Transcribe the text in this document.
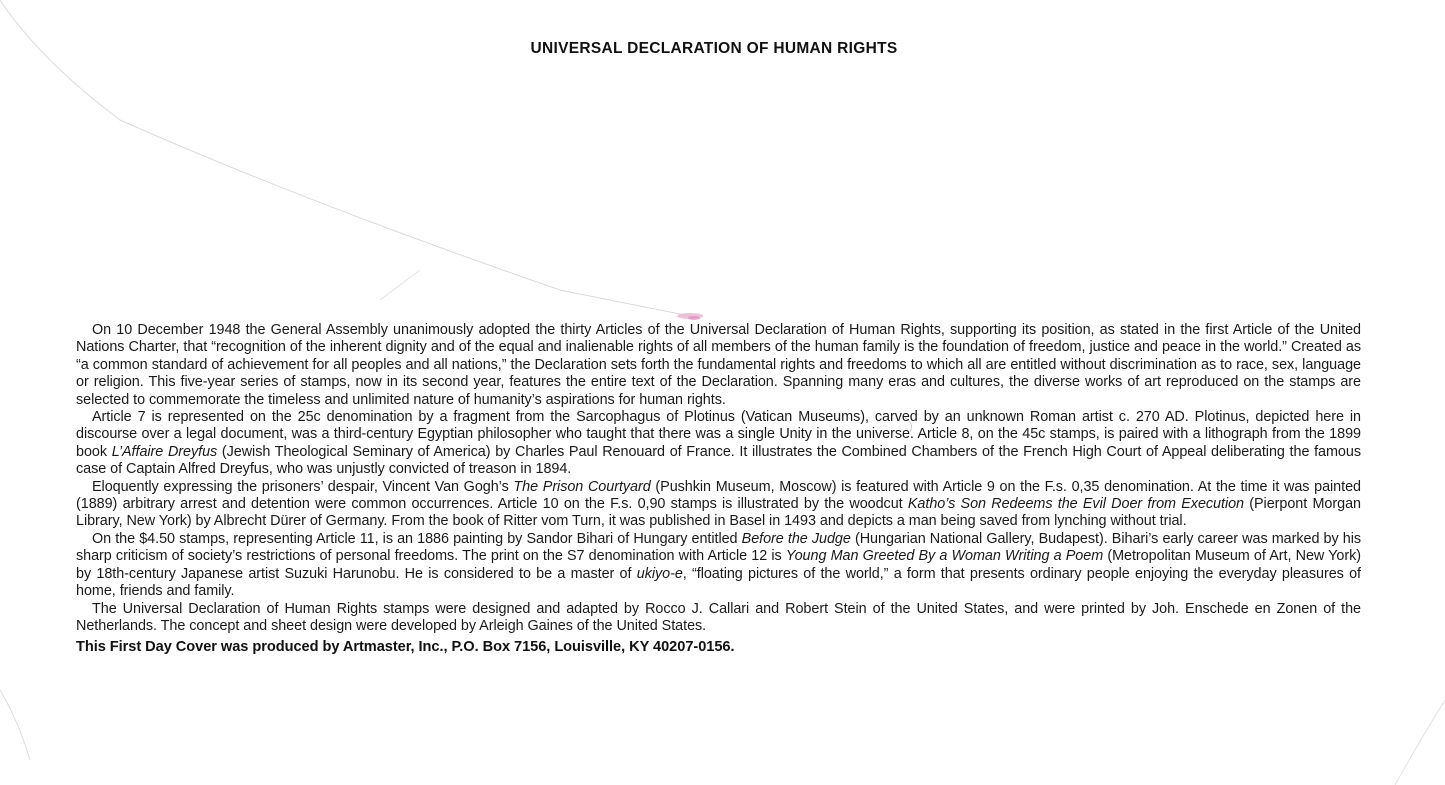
UNIVERSAL DECLARATION OF HUMAN RIGHTS

On 10 December 1948 the General Assembly unanimously adopted the thirty Articles of the Universal Declaration of Human Rights, supporting its position, as stated in the first Article of the United Nations Charter, that “recognition of the inherent dignity and of the equal and inalienable rights of all members of the human family is the foundation of freedom, justice and peace in the world.” Created as “a common standard of achievement for all peoples and all nations,” the Declaration sets forth the fundamental rights and freedoms to which all are entitled without discrimination as to race, sex, language or religion. This five-year series of stamps, now in its second year, features the entire text of the Declaration. Spanning many eras and cultures, the diverse works of art reproduced on the stamps are selected to commemorate the timeless and unlimited nature of humanity’s aspirations for human rights.

Article 7 is represented on the 25c denomination by a fragment from the Sarcophagus of Plotinus (Vatican Museums), carved by an unknown Roman artist c. 270 AD. Plotinus, depicted here in discourse over a legal document, was a third-century Egyptian philosopher who taught that there was a single Unity in the universe. Article 8, on the 45c stamps, is paired with a lithograph from the 1899 book L’Affaire Dreyfus (Jewish Theological Seminary of America) by Charles Paul Renouard of France. It illustrates the Combined Chambers of the French High Court of Appeal deliberating the famous case of Captain Alfred Dreyfus, who was unjustly convicted of treason in 1894.

Eloquently expressing the prisoners’ despair, Vincent Van Gogh’s The Prison Courtyard (Pushkin Museum, Moscow) is featured with Article 9 on the F.s. 0,35 denomination. At the time it was painted (1889) arbitrary arrest and detention were common occurrences. Article 10 on the F.s. 0,90 stamps is illustrated by the woodcut Katho’s Son Redeems the Evil Doer from Execution (Pierpont Morgan Library, New York) by Albrecht Dürer of Germany. From the book of Ritter vom Turn, it was published in Basel in 1493 and depicts a man being saved from lynching without trial.

On the $4.50 stamps, representing Article 11, is an 1886 painting by Sandor Bihari of Hungary entitled Before the Judge (Hungarian National Gallery, Budapest). Bihari’s early career was marked by his sharp criticism of society’s restrictions of personal freedoms. The print on the S7 denomination with Article 12 is Young Man Greeted By a Woman Writing a Poem (Metropolitan Museum of Art, New York) by 18th-century Japanese artist Suzuki Harunobu. He is considered to be a master of ukiyo-e, “floating pictures of the world,” a form that presents ordinary people enjoying the everyday pleasures of home, friends and family.

The Universal Declaration of Human Rights stamps were designed and adapted by Rocco J. Callari and Robert Stein of the United States, and were printed by Joh. Enschede en Zonen of the Netherlands. The concept and sheet design were developed by Arleigh Gaines of the United States.

This First Day Cover was produced by Artmaster, Inc., P.O. Box 7156, Louisville, KY 40207-0156.
